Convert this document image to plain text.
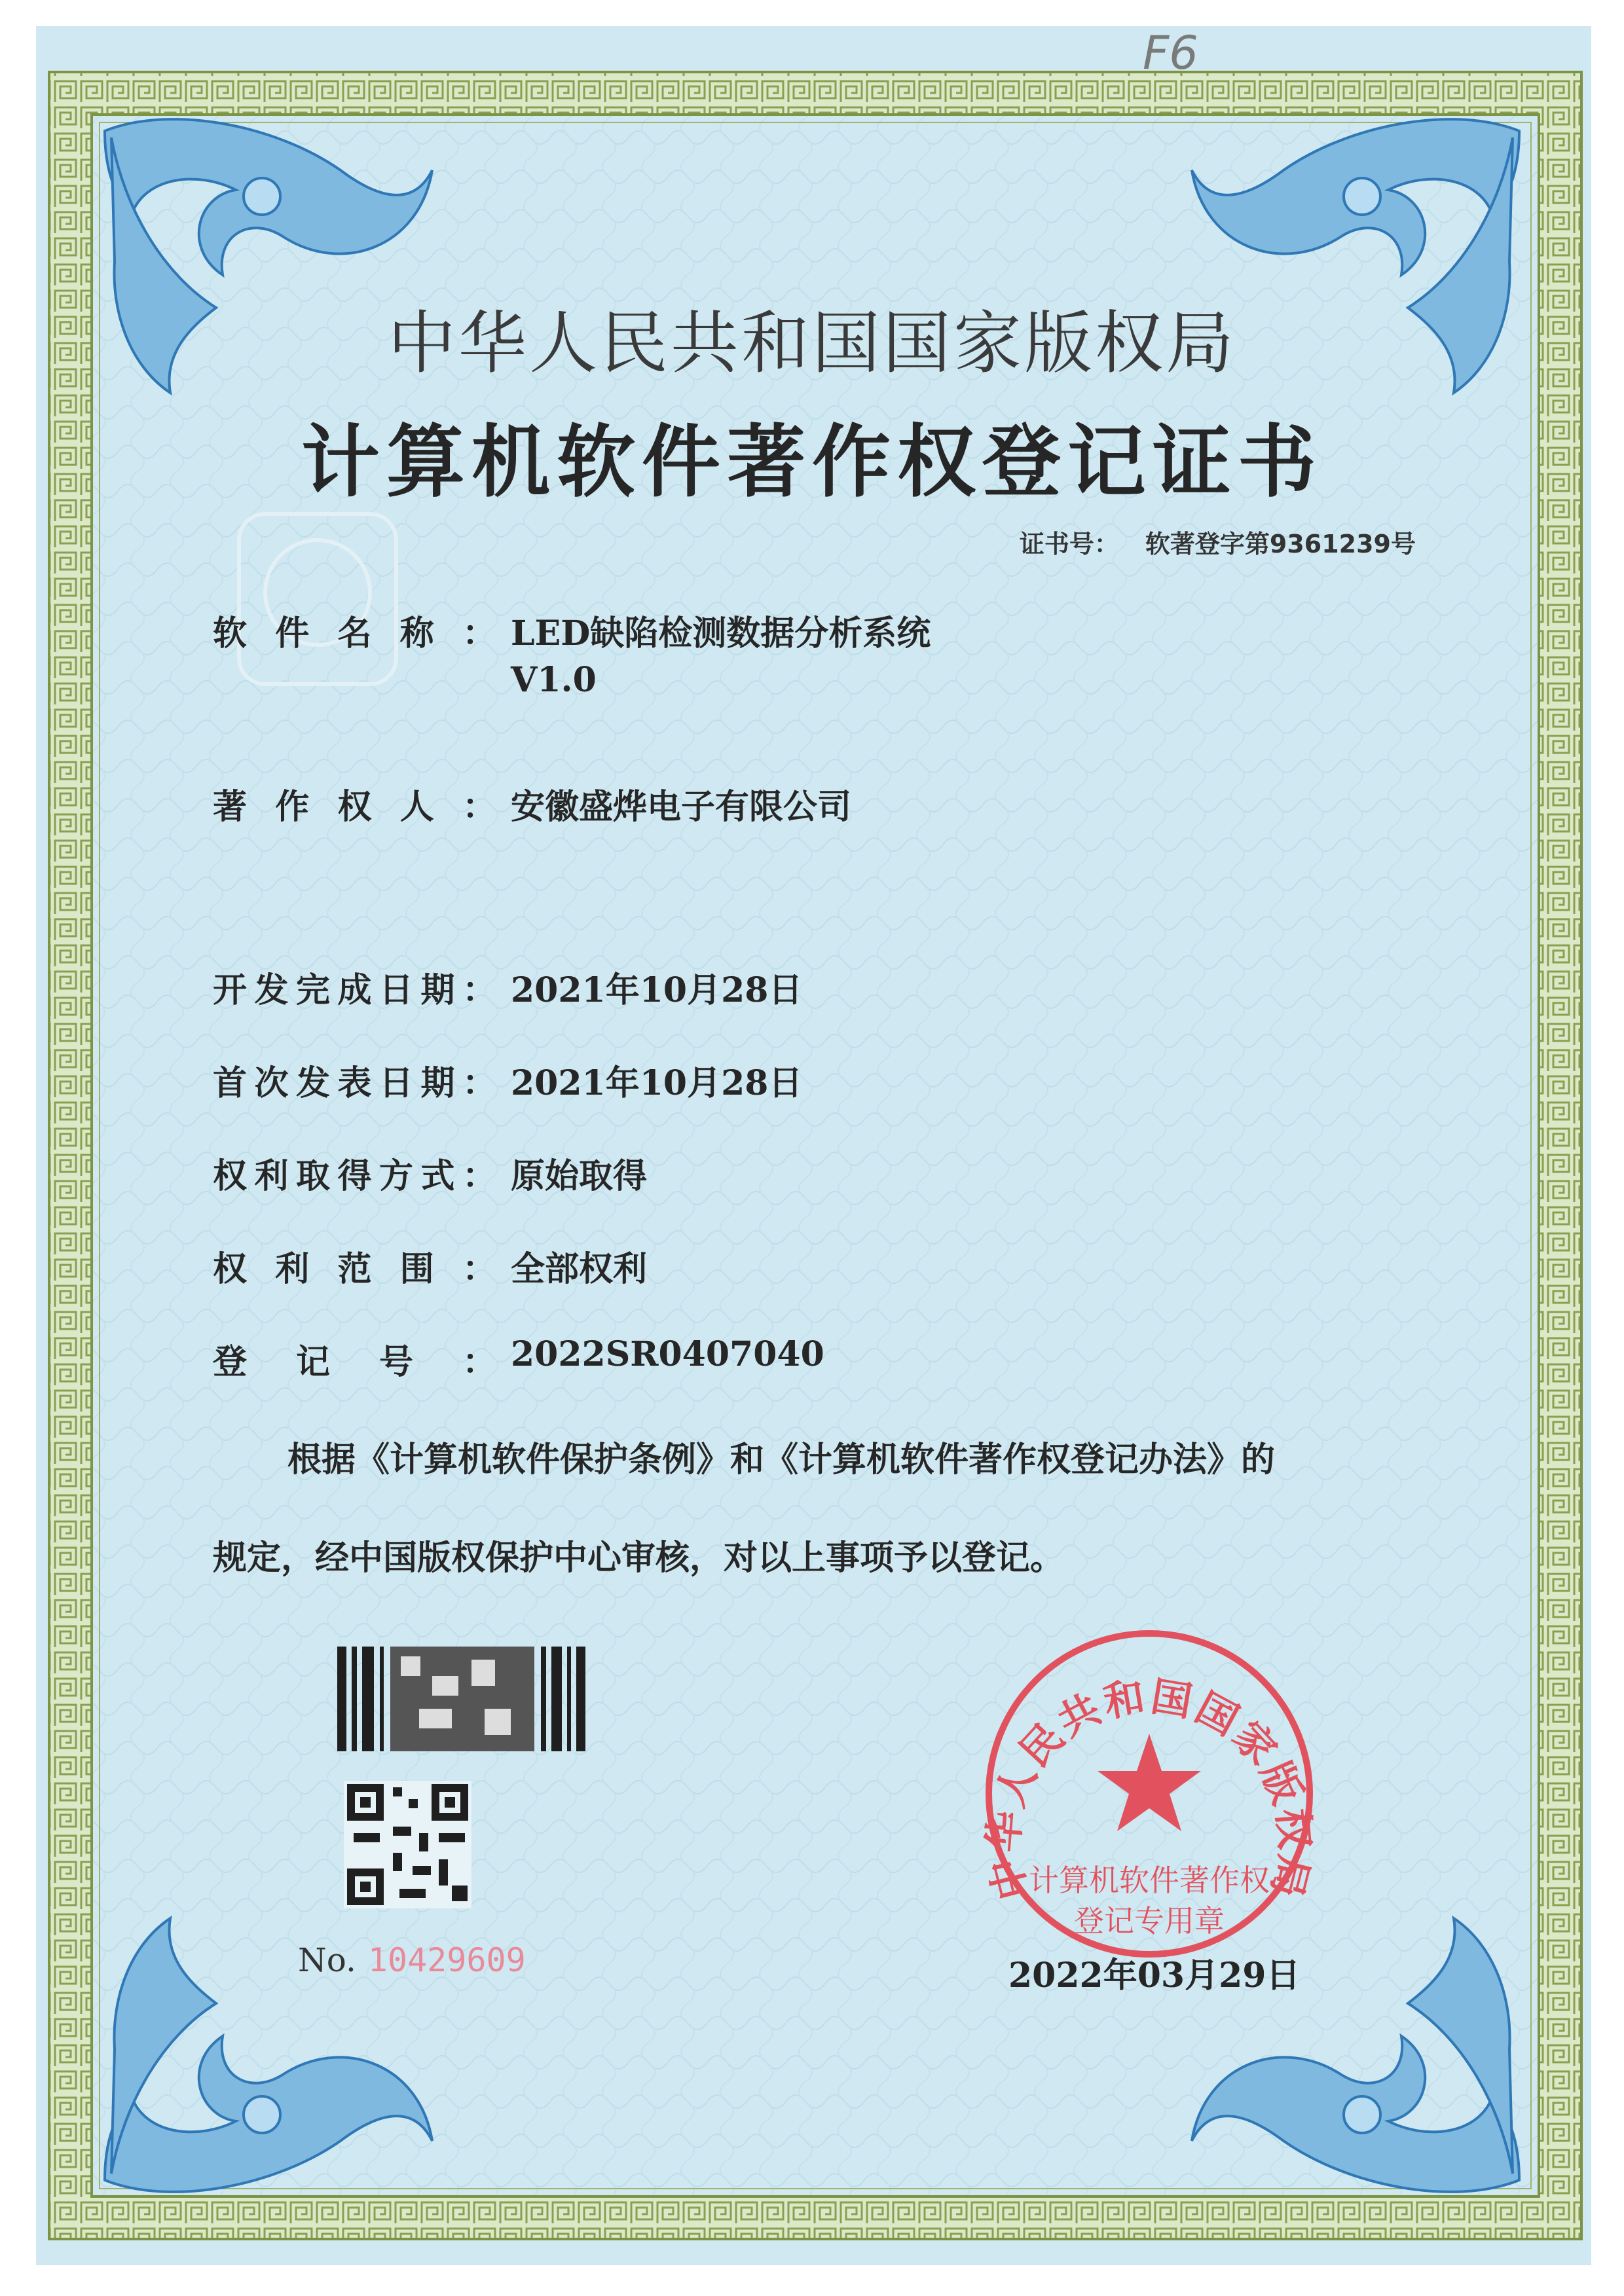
中华人民共和国国家版权局
计算机软件著作权
登记专用章
F6
中华人民共和国国家版权局
计算机软件著作权登记证书
证书号： 软著登字第9361239号
软件名称： LED缺陷检测数据分析系统
V1.0
著作权人： 安徽盛烨电子有限公司
开发完成日期： 2021年10月28日
首次发表日期： 2021年10月28日
权利取得方式： 原始取得
权利范围： 全部权利
登记号： 2022SR0407040

根据《计算机软件保护条例》和《计算机软件著作权登记办法》的

规定，经中国版权保护中心审核，对以上事项予以登记。

No. 10429609	2022年03月29日
